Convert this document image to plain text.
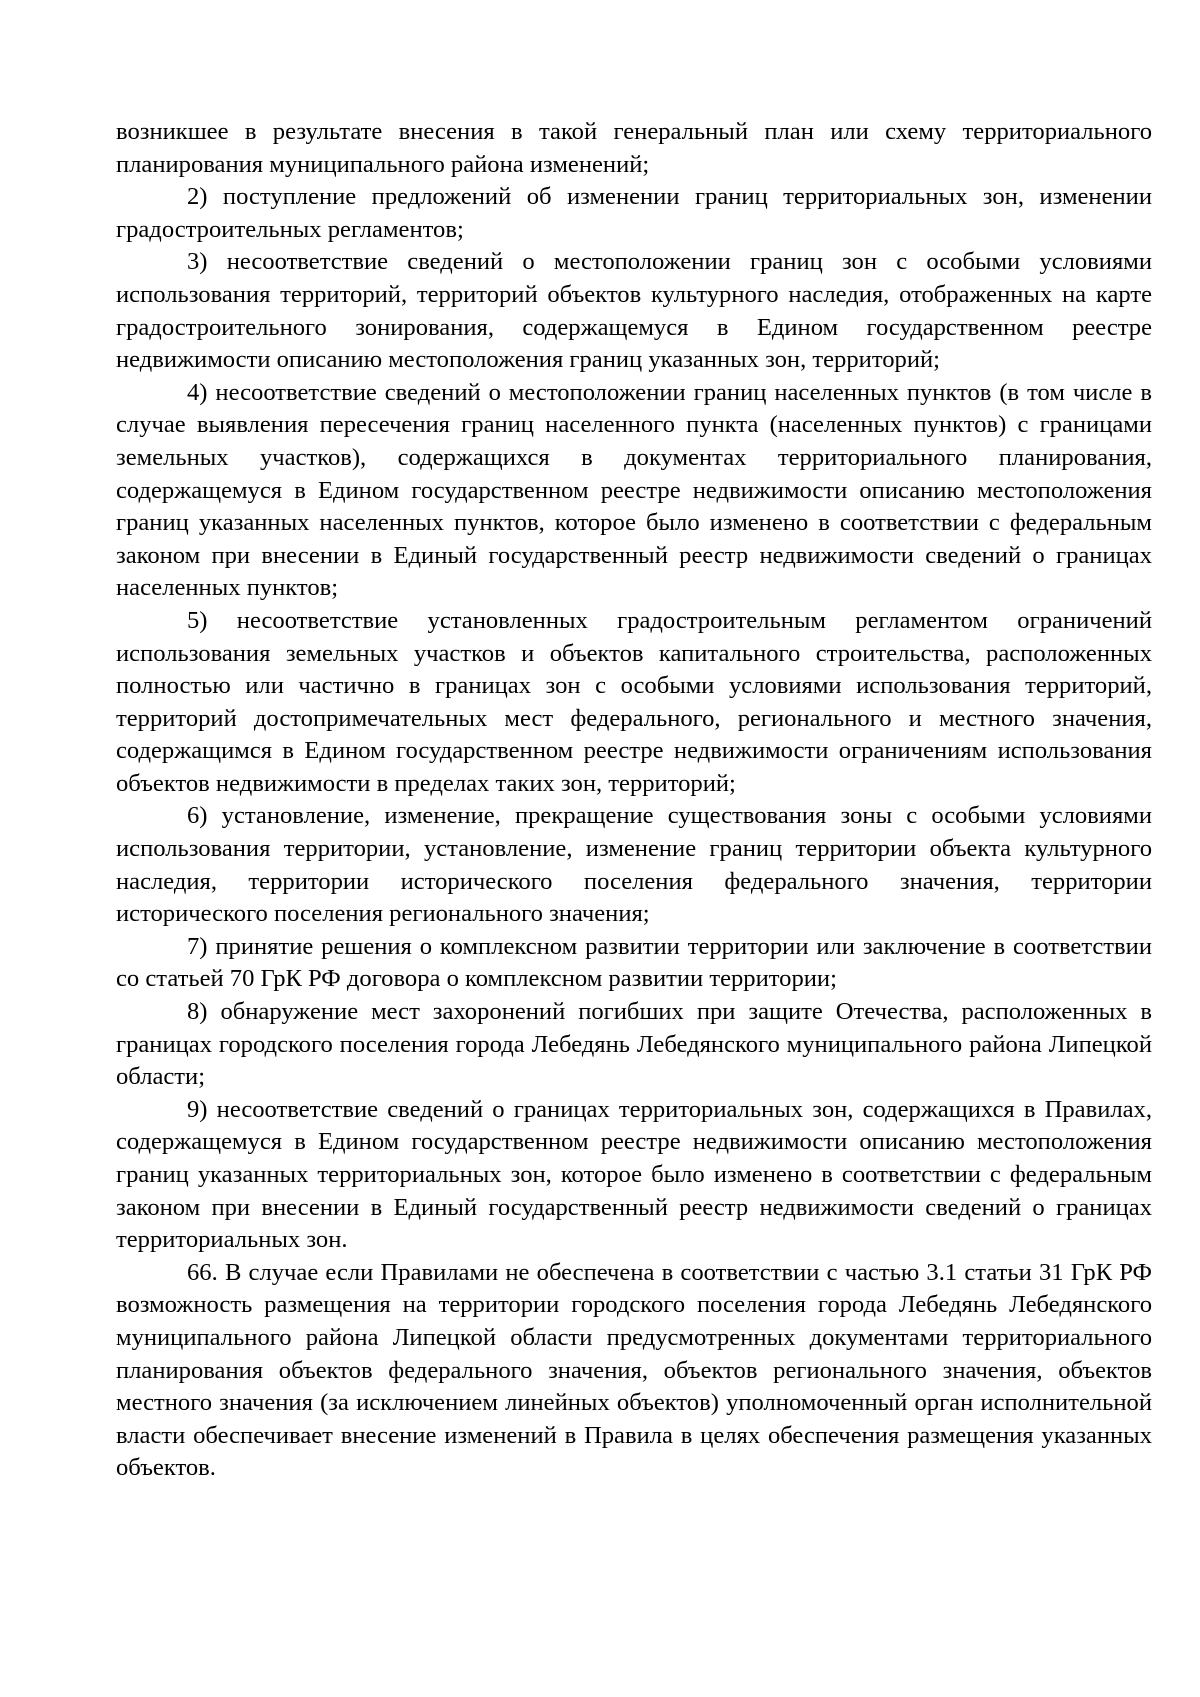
возникшее в результате внесения в такой генеральный план или схему территориального планирования муниципального района изменений;

2) поступление предложений об изменении границ территориальных зон, изменении градостроительных регламентов;

3) несоответствие сведений о местоположении границ зон с особыми условиями использования территорий, территорий объектов культурного наследия, отображенных на карте градостроительного зонирования, содержащемуся в Едином государственном реестре недвижимости описанию местоположения границ указанных зон, территорий;

4) несоответствие сведений о местоположении границ населенных пунктов (в том числе в случае выявления пересечения границ населенного пункта (населенных пунктов) с границами земельных участков), содержащихся в документах территориального планирования, содержащемуся в Едином государственном реестре недвижимости описанию местоположения границ указанных населенных пунктов, которое было изменено в соответствии с федеральным законом при внесении в Единый государственный реестр недвижимости сведений о границах населенных пунктов;

5) несоответствие установленных градостроительным регламентом ограничений использования земельных участков и объектов капитального строительства, расположенных полностью или частично в границах зон с особыми условиями использования территорий, территорий достопримечательных мест федерального, регионального и местного значения, содержащимся в Едином государственном реестре недвижимости ограничениям использования объектов недвижимости в пределах таких зон, территорий;

6) установление, изменение, прекращение существования зоны с особыми условиями использования территории, установление, изменение границ территории объекта культурного наследия, территории исторического поселения федерального значения, территории исторического поселения регионального значения;

7) принятие решения о комплексном развитии территории или заключение в соответствии со статьей 70 ГрК РФ договора о комплексном развитии территории;

8) обнаружение мест захоронений погибших при защите Отечества, расположенных в границах городского поселения города Лебедянь Лебедянского муниципального района Липецкой области;

9) несоответствие сведений о границах территориальных зон, содержащихся в Правилах, содержащемуся в Едином государственном реестре недвижимости описанию местоположения границ указанных территориальных зон, которое было изменено в соответствии с федеральным законом при внесении в Единый государственный реестр недвижимости сведений о границах территориальных зон.

66. В случае если Правилами не обеспечена в соответствии с частью 3.1 статьи 31 ГрК РФ возможность размещения на территории городского поселения города Лебедянь Лебедянского муниципального района Липецкой области предусмотренных документами территориального планирования объектов федерального значения, объектов регионального значения, объектов местного значения (за исключением линейных объектов) уполномоченный орган исполнительной власти обеспечивает внесение изменений в Правила в целях обеспечения размещения указанных объектов.
